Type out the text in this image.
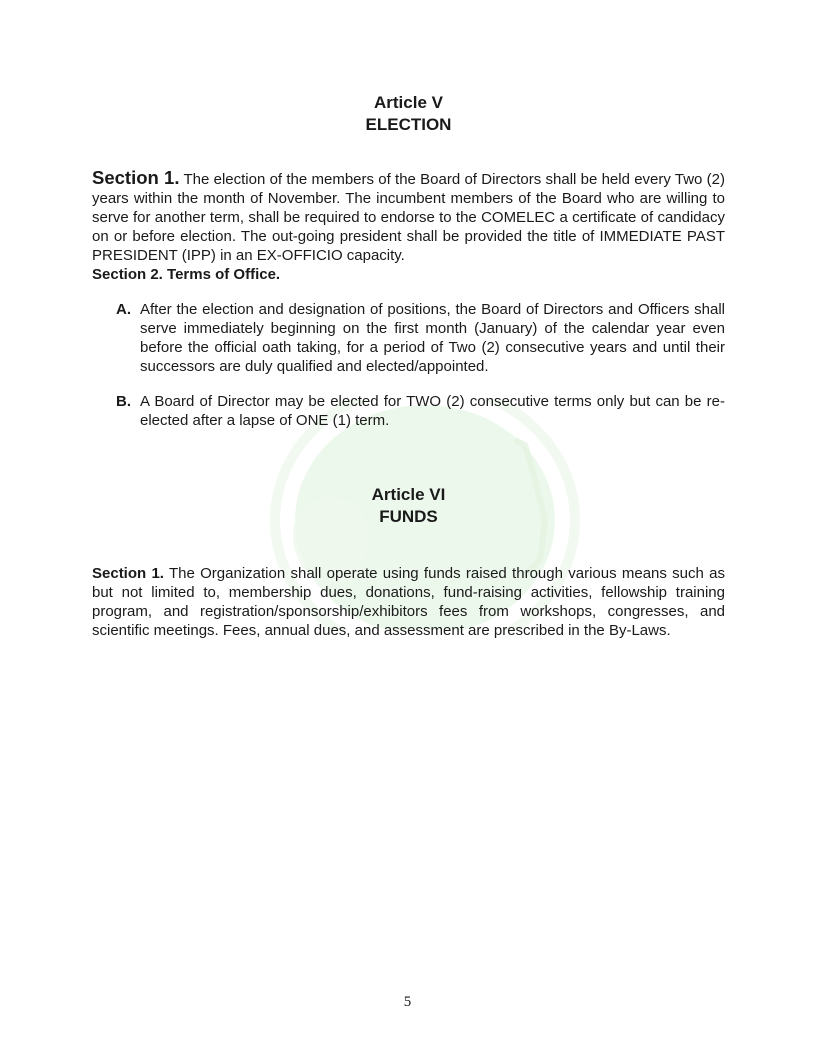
Article V

ELECTION

Section 1. The election of the members of the Board of Directors shall be held every Two (2) years within the month of November. The incumbent members of the Board who are willing to serve for another term, shall be required to endorse to the COMELEC a certificate of candidacy on or before election. The out-going president shall be provided the title of IMMEDIATE PAST PRESIDENT (IPP) in an EX-OFFICIO capacity.

Section 2. Terms of Office.

A. After the election and designation of positions, the Board of Directors and Officers shall serve immediately beginning on the first month (January) of the calendar year even before the official oath taking, for a period of Two (2) consecutive years and until their successors are duly qualified and elected/appointed.

B. A Board of Director may be elected for TWO (2) consecutive terms only but can be re-elected after a lapse of ONE (1) term.

Article VI

FUNDS

Section 1. The Organization shall operate using funds raised through various means such as but not limited to, membership dues, donations, fund-raising activities, fellowship training program, and registration/sponsorship/exhibitors fees from workshops, congresses, and scientific meetings. Fees, annual dues, and assessment are prescribed in the By-Laws.

5
